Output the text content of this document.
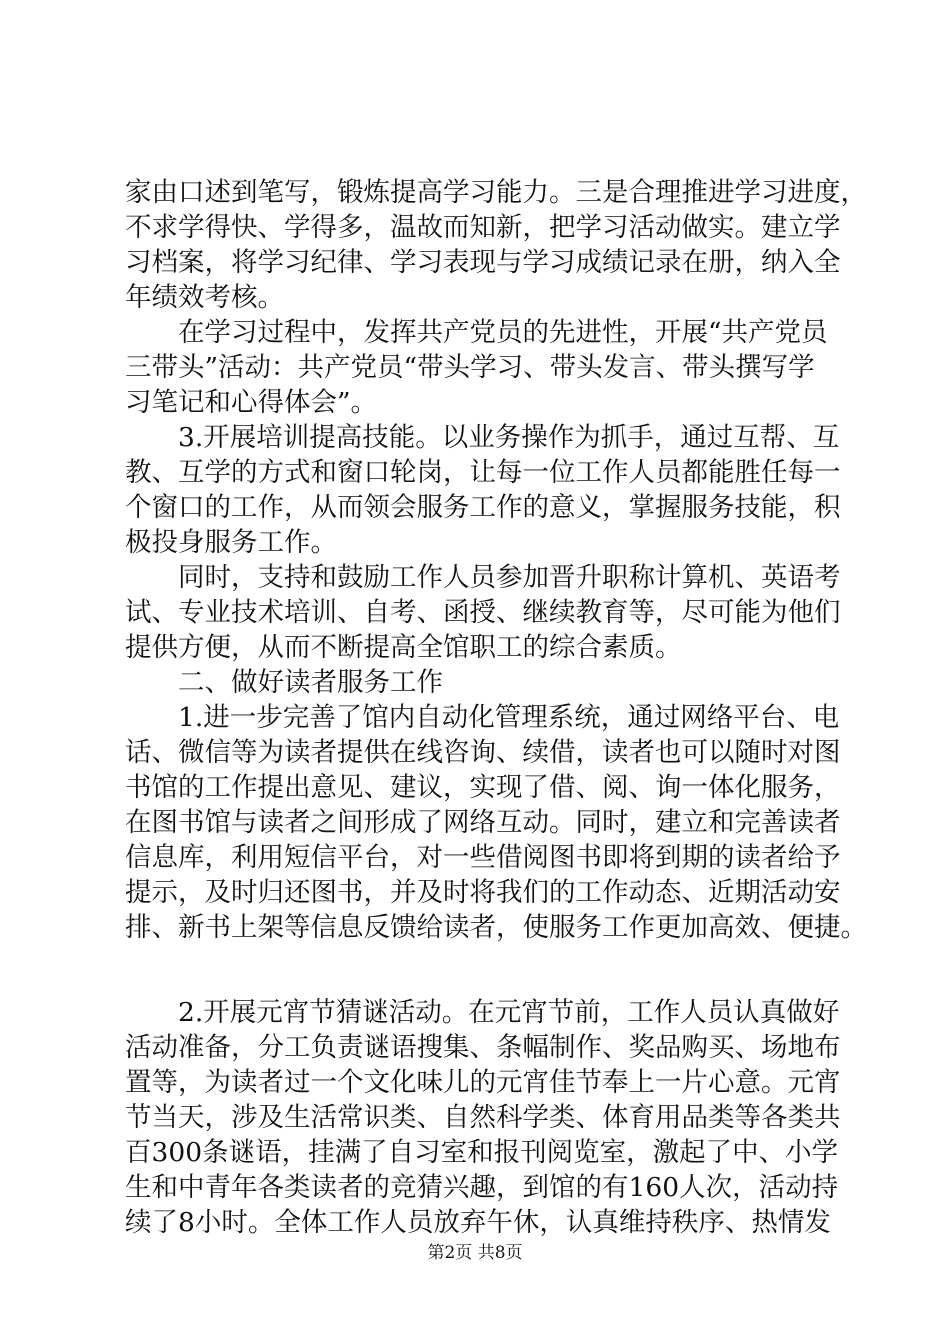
家由口述到笔写，锻炼提高学习能力。三是合理推进学习进度，
不求学得快、学得多，温故而知新，把学习活动做实。建立学
习档案，将学习纪律、学习表现与学习成绩记录在册，纳入全
年绩效考核。
　　在学习过程中，发挥共产党员的先进性，开展“共产党员
三带头”活动：共产党员“带头学习、带头发言、带头撰写学
习笔记和心得体会”。
　　3.开展培训提高技能。以业务操作为抓手，通过互帮、互
教、互学的方式和窗口轮岗，让每一位工作人员都能胜任每一
个窗口的工作，从而领会服务工作的意义，掌握服务技能，积
极投身服务工作。
　　同时，支持和鼓励工作人员参加晋升职称计算机、英语考
试、专业技术培训、自考、函授、继续教育等，尽可能为他们
提供方便，从而不断提高全馆职工的综合素质。
　　二、做好读者服务工作
　　1.进一步完善了馆内自动化管理系统，通过网络平台、电
话、微信等为读者提供在线咨询、续借，读者也可以随时对图
书馆的工作提出意见、建议，实现了借、阅、询一体化服务，
在图书馆与读者之间形成了网络互动。同时，建立和完善读者
信息库，利用短信平台，对一些借阅图书即将到期的读者给予
提示，及时归还图书，并及时将我们的工作动态、近期活动安
排、新书上架等信息反馈给读者，使服务工作更加高效、便捷。
　　2.开展元宵节猜谜活动。在元宵节前，工作人员认真做好
活动准备，分工负责谜语搜集、条幅制作、奖品购买、场地布
置等，为读者过一个文化味儿的元宵佳节奉上一片心意。元宵
节当天，涉及生活常识类、自然科学类、体育用品类等各类共
百300条谜语，挂满了自习室和报刊阅览室，激起了中、小学
生和中青年各类读者的竞猜兴趣，到馆的有160人次，活动持
续了8小时。全体工作人员放弃午休，认真维持秩序、热情发
第2页 共8页
